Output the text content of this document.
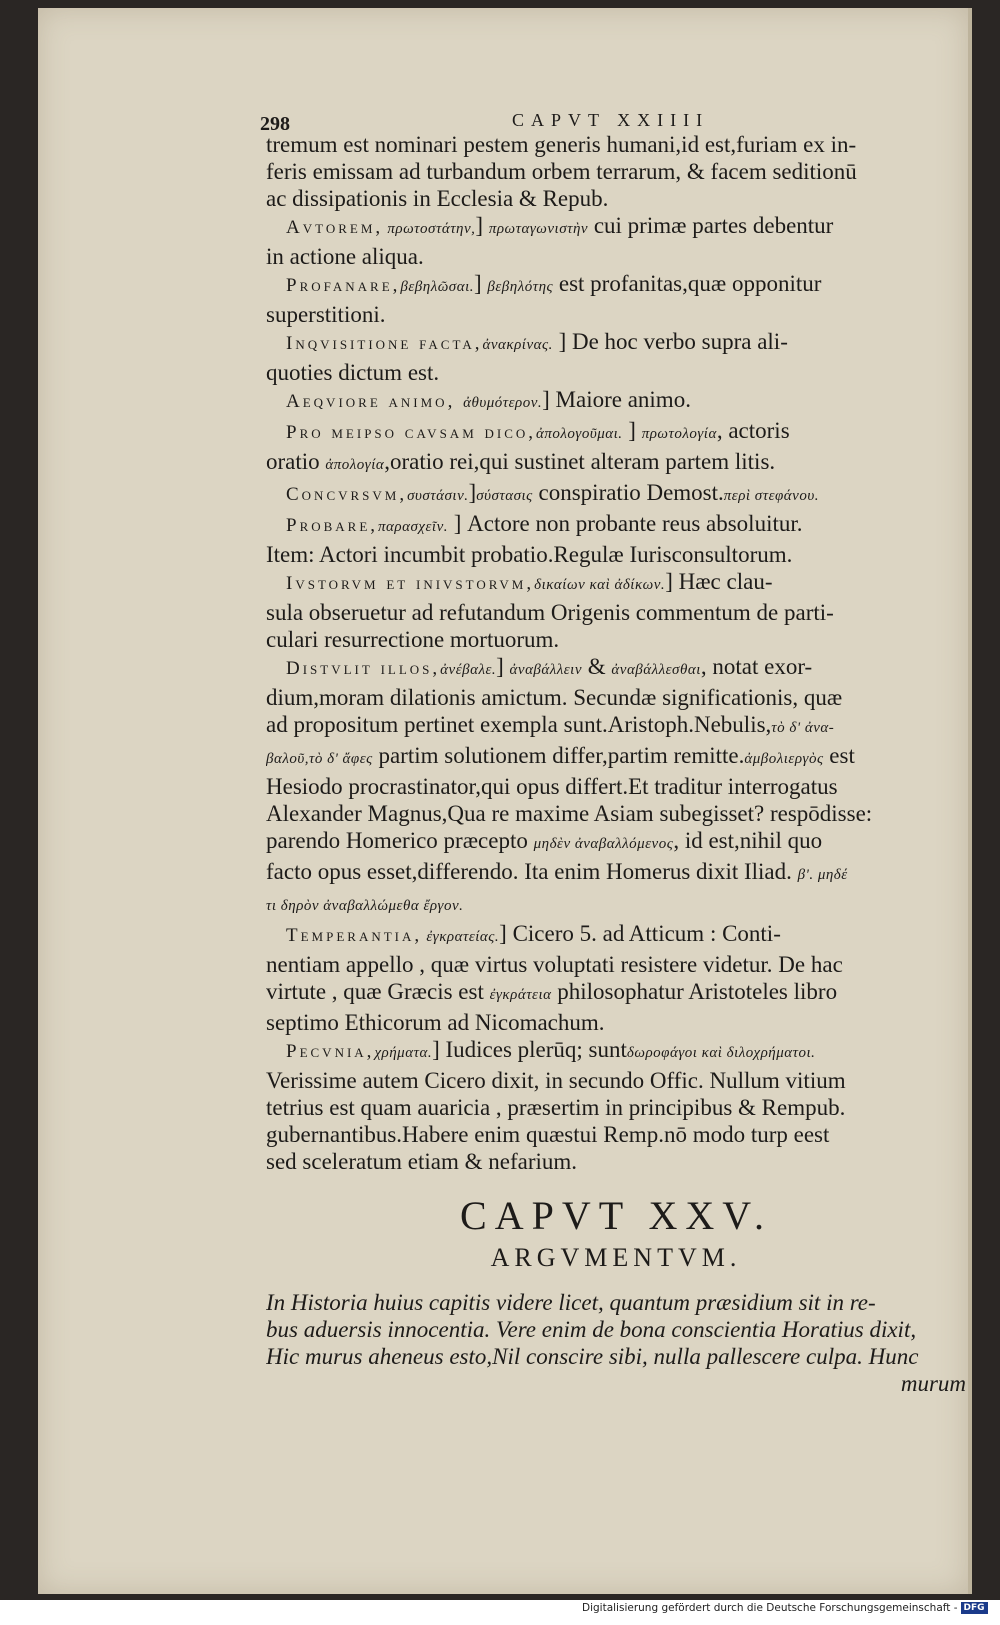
298	CAPVT XXIIII
tremum est nominari pestem generis humani,id est,furiam ex in-
feris emissam ad turbandum orbem terrarum, & facem seditionū
ac dissipationis in Ecclesia & Repub.
Avtorem, πρωτοστάτην,] πρωταγωνιστὴν cui primæ partes debentur
in actione aliqua.
Profanare,βεβηλῶσαι.] βεβηλότης est profanitas,quæ opponitur
superstitioni.
Inqvisitione facta,ἀνακρίνας. ] De hoc verbo supra ali-
quoties dictum est.
Aeqviore animo, ἀθυμότερον.] Maiore animo.
Pro meipso cavsam dico,ἀπολογοῦμαι. ] πρωτολογία, actoris
oratio ἀπολογία,oratio rei,qui sustinet alteram partem litis.
Concvrsvm,συστάσιν.]σύστασις conspiratio Demost.περὶ στεφάνου.
Probare,παρασχεῖν. ] Actore non probante reus absoluitur.
Item: Actori incumbit probatio.Regulæ Iurisconsultorum.
Ivstorvm et inivstorvm,δικαίων καὶ ἀδίκων.] Hæc clau-
sula obseruetur ad refutandum Origenis commentum de parti-
culari resurrectione mortuorum.
Distvlit illos,ἀνέβαλε.] ἀναβάλλειν & ἀναβάλλεσθαι, notat exor-
dium,moram dilationis amictum. Secundæ significationis, quæ
ad propositum pertinet exempla sunt.Aristoph.Nebulis,τὸ δ' ἀνα-
βαλοῦ,τὸ δ' ἄφες partim solutionem differ,partim remitte.ἀμβολιεργὸς est
Hesiodo procrastinator,qui opus differt.Et traditur interrogatus
Alexander Magnus,Qua re maxime Asiam subegisset? respōdisse:
parendo Homerico præcepto μηδὲν ἀναβαλλόμενος, id est,nihil quo
facto opus esset,differendo. Ita enim Homerus dixit Iliad. β'. μηδέ
τι δηρὸν ἀναβαλλώμεθα ἔργον.
Temperantia, ἐγκρατείας.] Cicero 5. ad Atticum : Conti-
nentiam appello , quæ virtus voluptati resistere videtur. De hac
virtute , quæ Græcis est ἐγκράτεια philosophatur Aristoteles libro
septimo Ethicorum ad Nicomachum.
Pecvnia,χρήματα.] Iudices plerūq; suntδωροφάγοι καὶ διλοχρήματοι.
Verissime autem Cicero dixit, in secundo Offic. Nullum vitium
tetrius est quam auaricia , præsertim in principibus & Rempub.
gubernantibus.Habere enim quæstui Remp.nō modo turp eest
sed sceleratum etiam & nefarium.
CAPVT XXV.
ARGVMENTVM.
In Historia huius capitis videre licet, quantum præsidium sit in re-
bus aduersis innocentia. Vere enim de bona conscientia Horatius dixit,
Hic murus aheneus esto,Nil conscire sibi, nulla pallescere culpa. Hunc
murum
Digitalisierung gefördert durch die Deutsche Forschungsgemeinschaft - DFG
